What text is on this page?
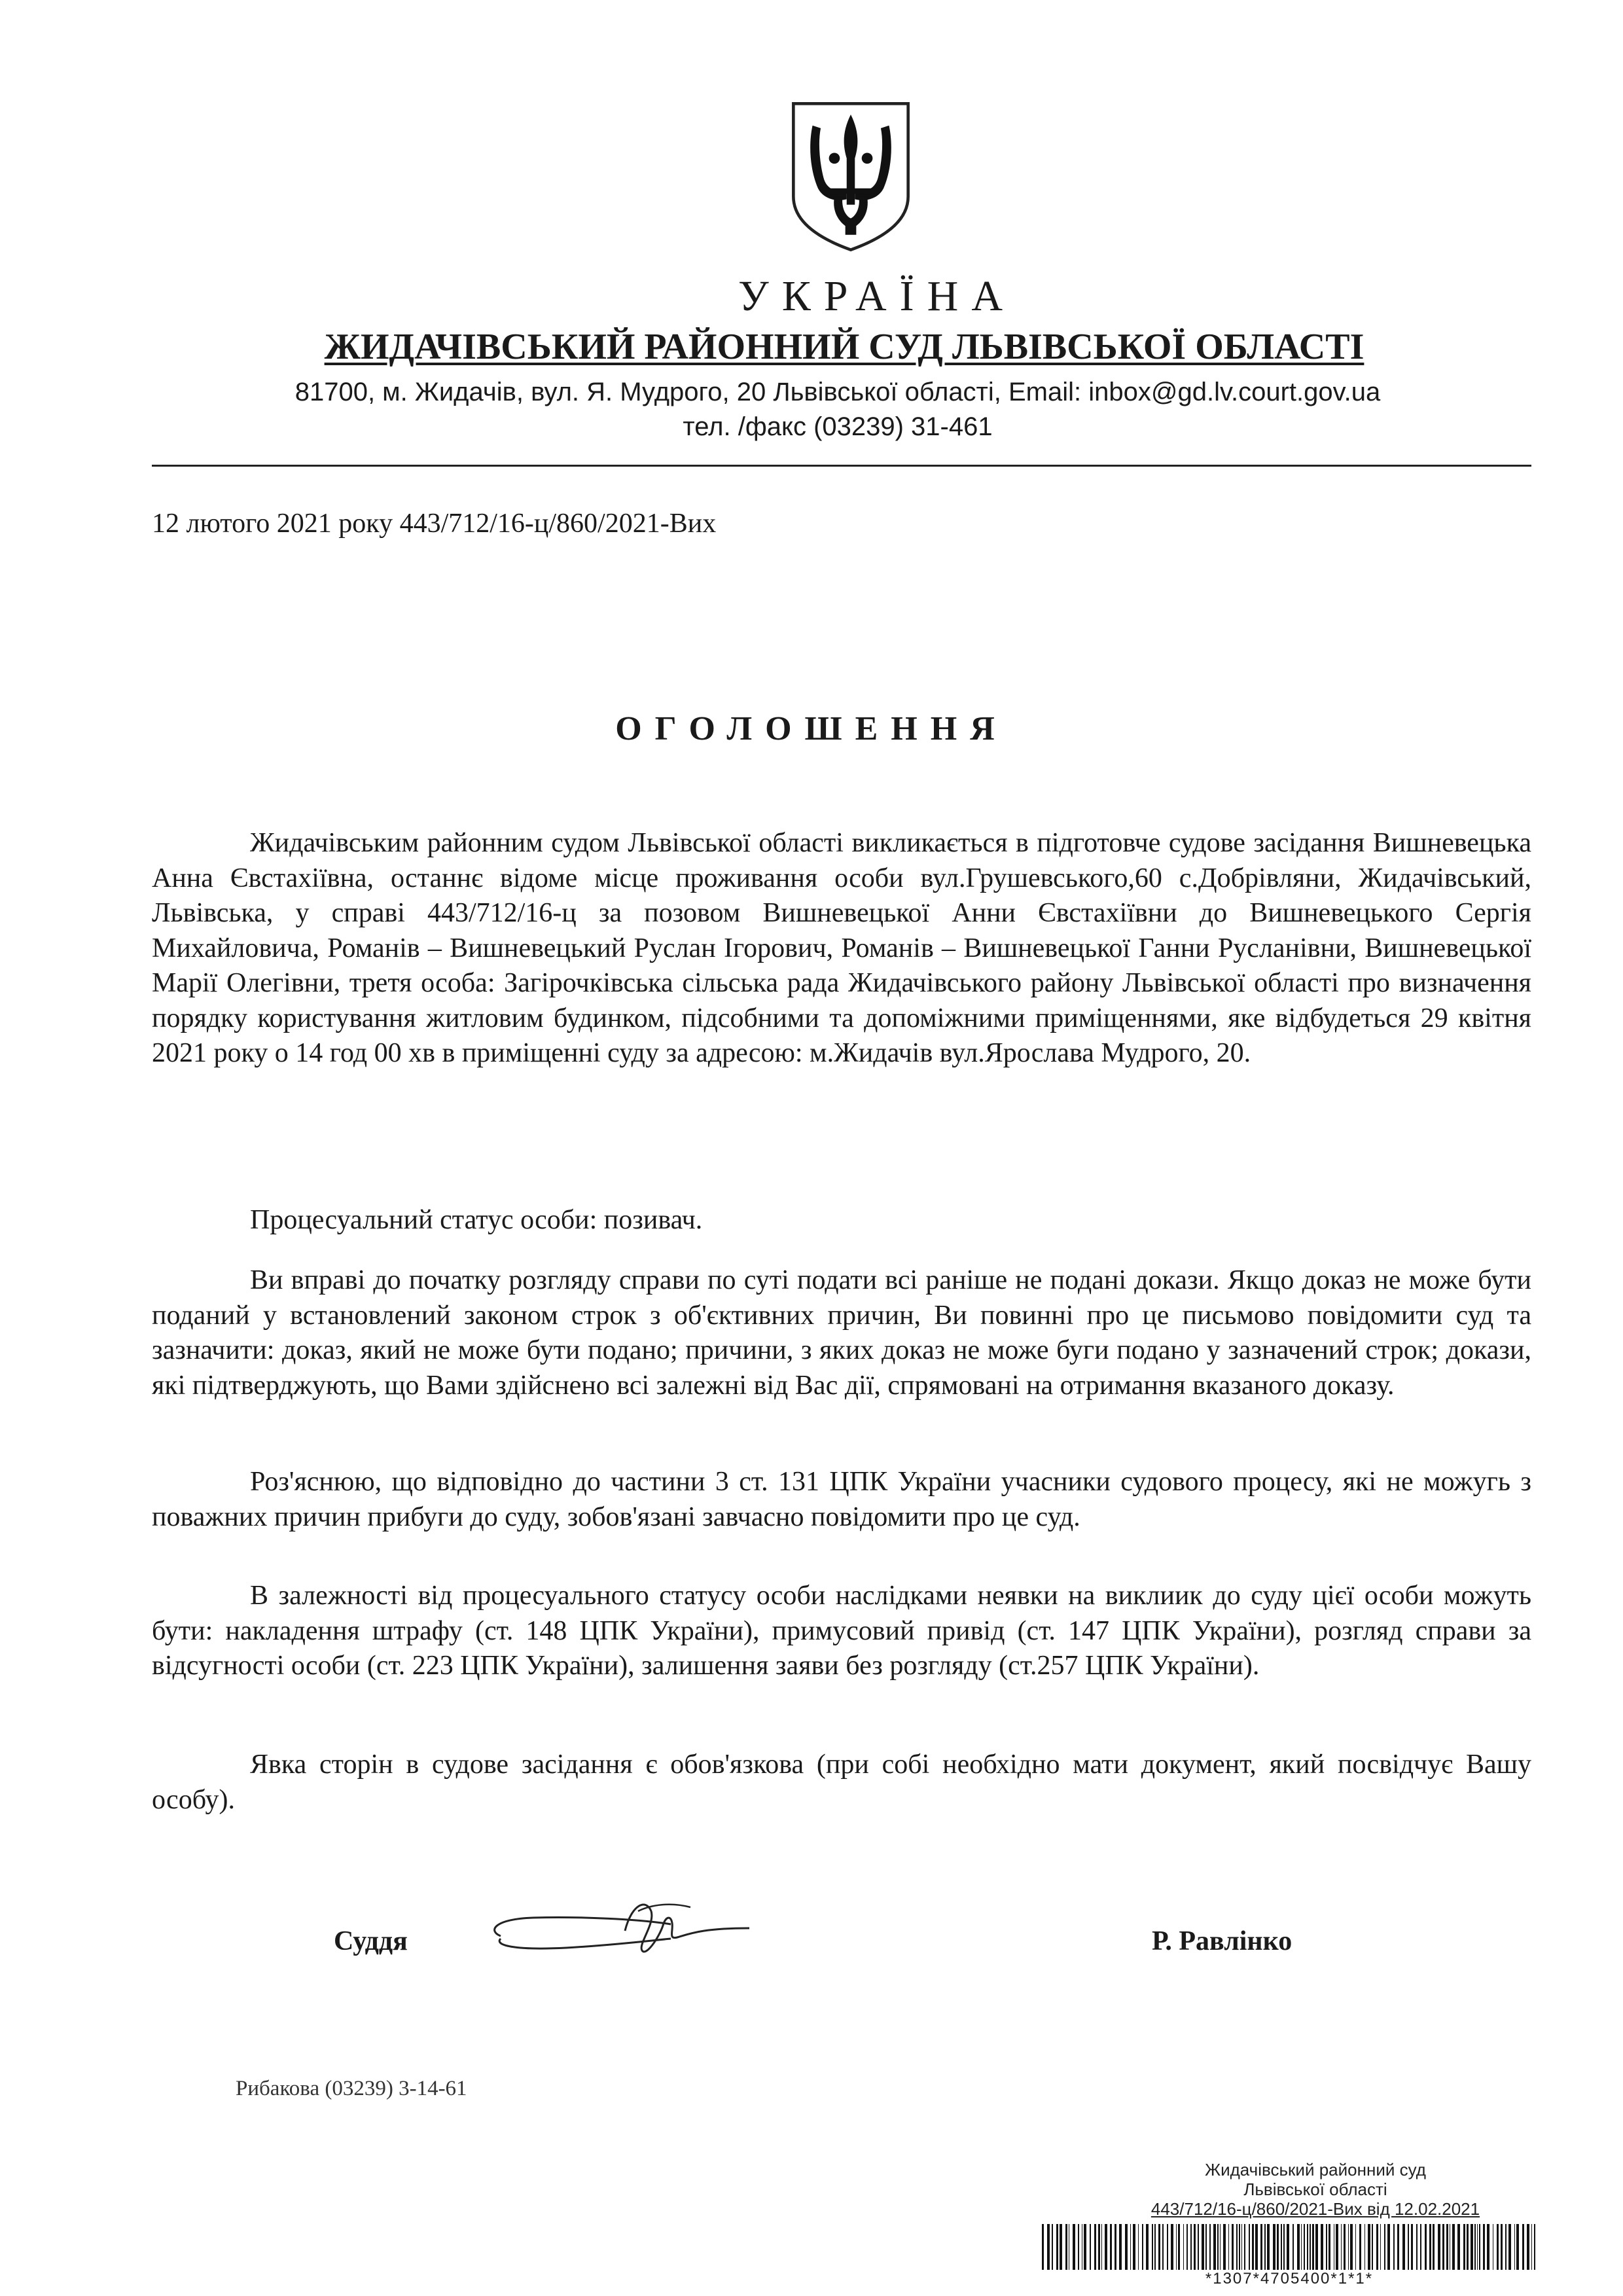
УКРАЇНА
ЖИДАЧІВСЬКИЙ РАЙОННИЙ СУД ЛЬВІВСЬКОЇ ОБЛАСТІ
81700, м. Жидачів, вул. Я. Мудрого, 20 Львівської області, Email: inbox@gd.lv.court.gov.ua
тел. /факс (03239) 31-461
12 лютого 2021 року 443/712/16-ц/860/2021-Вих
ОГОЛОШЕННЯ

Жидачівським районним судом Львівської області викликається в підготовче судове засідання Вишневецька Анна Євстахіївна, останнє відоме місце проживання особи вул.Грушевського,60 с.Добрівляни, Жидачівський, Львівська, у справі 443/712/16-ц за позовом Вишневецької Анни Євстахіївни до Вишневецького Сергія Михайловича, Романів – Вишневецький Руслан Ігорович, Романів – Вишневецької Ганни Русланівни, Вишневецької Марії Олегівни, третя особа: Загірочківська сільська рада Жидачівського району Львівської області про визначення порядку користування житловим будинком, підсобними та допоміжними приміщеннями, яке відбудеться 29 квітня 2021 року о 14 год 00 хв в приміщенні суду за адресою: м.Жидачів вул.Ярослава Мудрого, 20.

Процесуальний статус особи: позивач.

Ви вправі до початку розгляду справи по суті подати всі раніше не подані докази. Якщо доказ не може бути поданий у встановлений законом строк з об'єктивних причин, Ви повинні про це письмово повідомити суд та зазначити: доказ, який не може бути подано; причини, з яких доказ не може буги подано у зазначений строк; докази, які підтверджують, що Вами здійснено всі залежні від Вас дії, спрямовані на отримання вказаного доказу.

Роз'яснюю, що відповідно до частини 3 ст. 131 ЦПК України учасники судового процесу, які не можугь з поважних причин прибуги до суду, зобов'язані завчасно повідомити про це суд.

В залежності від процесуального статусу особи наслідками неявки на виклиик до суду цієї особи можуть бути: накладення штрафу (ст. 148 ЦПК України), примусовий привід (ст. 147 ЦПК України), розгляд справи за відсугності особи (ст. 223 ЦПК України), залишення заяви без розгляду (ст.257 ЦПК України).

Явка сторін в судове засідання є обов'язкова (при собі необхідно мати документ, який посвідчує Вашу особу).

Суддя	Р. Равлінко
Рибакова (03239) 3-14-61
Жидачівський районний суд
Львівської області
443/712/16-ц/860/2021-Вих від 12.02.2021
*1307*4705400*1*1*
